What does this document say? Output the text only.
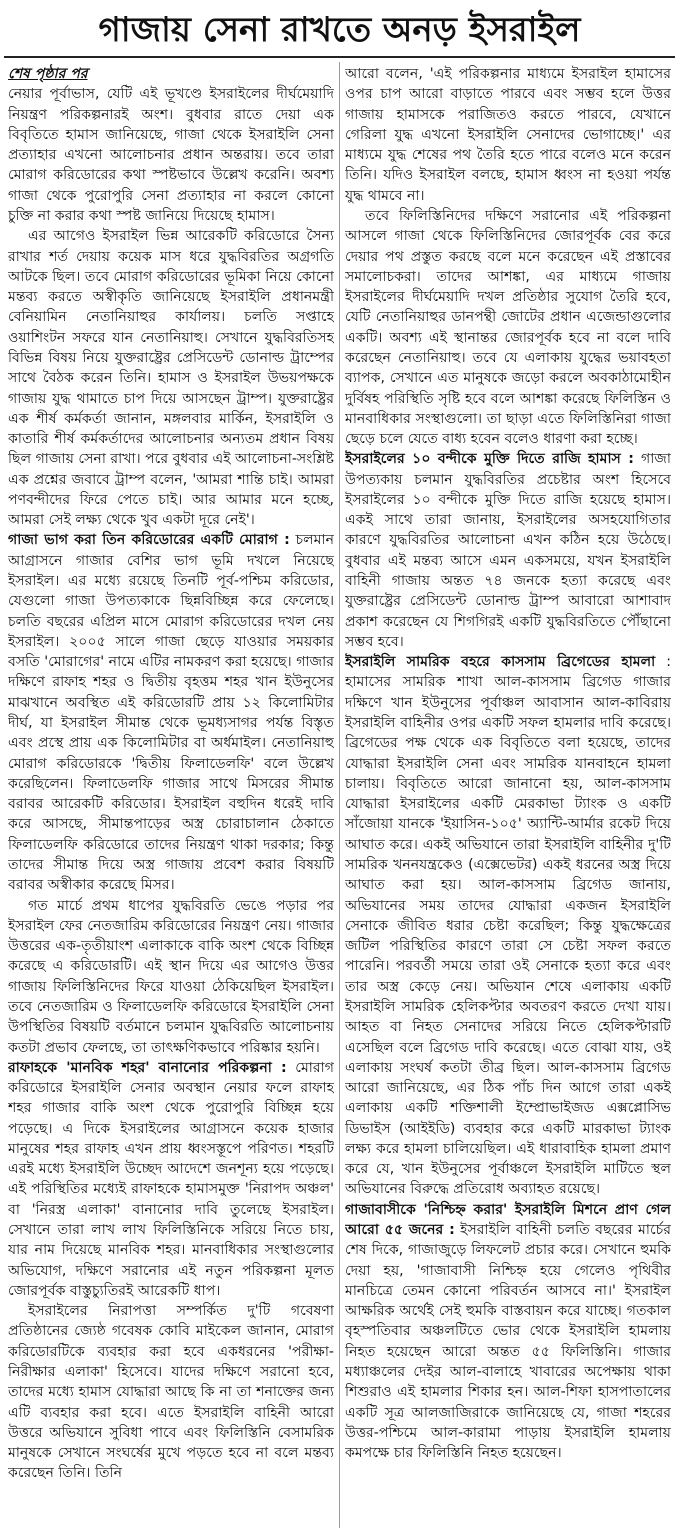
গাজায় সেনা রাখতে অনড় ইসরাইল

শেষ পৃষ্ঠার পর

নেয়ার পূর্বাভাস, যেটি এই ভূখণ্ডে ইসরাইলের দীর্ঘমেয়াদি নিয়ন্ত্রণ পরিকল্পনারই অংশ। বুধবার রাতে দেয়া এক বিবৃতিতে হামাস জানিয়েছে, গাজা থেকে ইসরাইলি সেনা প্রত্যাহার এখনো আলোচনার প্রধান অন্তরায়। তবে তারা মোরাগ করিডোরের কথা স্পষ্টভাবে উল্লেখ করেনি। অবশ্য গাজা থেকে পুরোপুরি সেনা প্রত্যাহার না করলে কোনো চুক্তি না করার কথা স্পষ্ট জানিয়ে দিয়েছে হামাস।

এর আগেও ইসরাইল ভিন্ন আরেকটি করিডোরে সৈন্য রাখার শর্ত দেয়ায় কয়েক মাস ধরে যুদ্ধবিরতির অগ্রগতি আটকে ছিল। তবে মোরাগ করিডোরের ভূমিকা নিয়ে কোনো মন্তব্য করতে অস্বীকৃতি জানিয়েছে ইসরাইলি প্রধানমন্ত্রী বেনিয়ামিন নেতানিয়াহুর কার্যালয়। চলতি সপ্তাহে ওয়াশিংটন সফরে যান নেতানিয়াহু। সেখানে যুদ্ধবিরতিসহ বিভিন্ন বিষয় নিয়ে যুক্তরাষ্ট্রের প্রেসিডেন্ট ডোনাল্ড ট্রাম্পের সাথে বৈঠক করেন তিনি। হামাস ও ইসরাইল উভয়পক্ষকে গাজায় যুদ্ধ থামাতে চাপ দিয়ে আসছেন ট্রাম্প। যুক্তরাষ্ট্রের এক শীর্ষ কর্মকর্তা জানান, মঙ্গলবার মার্কিন, ইসরাইলি ও কাতারি শীর্ষ কর্মকর্তাদের আলোচনার অন্যতম প্রধান বিষয় ছিল গাজায় সেনা রাখা। পরে বুধবার এই আলোচনা-সংশ্লিষ্ট এক প্রশ্নের জবাবে ট্রাম্প বলেন, 'আমরা শান্তি চাই। আমরা পণবন্দীদের ফিরে পেতে চাই। আর আমার মনে হচ্ছে, আমরা সেই লক্ষ্য থেকে খুব একটা দূরে নেই'।

গাজা ভাগ করা তিন করিডোরের একটি মোরাগ : চলমান আগ্রাসনে গাজার বেশির ভাগ ভূমি দখলে নিয়েছে ইসরাইল। এর মধ্যে রয়েছে তিনটি পূর্ব-পশ্চিম করিডোর, যেগুলো গাজা উপত্যকাকে ছিন্নবিচ্ছিন্ন করে ফেলেছে। চলতি বছরের এপ্রিল মাসে মোরাগ করিডোরের দখল নেয় ইসরাইল। ২০০৫ সালে গাজা ছেড়ে যাওয়ার সময়কার বসতি 'মোরাগের' নামে এটির নামকরণ করা হয়েছে। গাজার দক্ষিণে রাফাহ শহর ও দ্বিতীয় বৃহত্তম শহর খান ইউনুসের মাঝখানে অবস্থিত এই করিডোরটি প্রায় ১২ কিলোমিটার দীর্ঘ, যা ইসরাইল সীমান্ত থেকে ভূমধ্যসাগর পর্যন্ত বিস্তৃত এবং প্রস্থে প্রায় এক কিলোমিটার বা অর্ধমাইল। নেতানিয়াহু মোরাগ করিডোরকে 'দ্বিতীয় ফিলাডেলফি' বলে উল্লেখ করেছিলেন। ফিলাডেলফি গাজার সাথে মিসরের সীমান্ত বরাবর আরেকটি করিডোর। ইসরাইল বহুদিন ধরেই দাবি করে আসছে, সীমান্তপাড়ের অস্ত্র চোরাচালান ঠেকাতে ফিলাডেলফি করিডোরে তাদের নিয়ন্ত্রণ থাকা দরকার; কিন্তু তাদের সীমান্ত দিয়ে অস্ত্র গাজায় প্রবেশ করার বিষয়টি বরাবর অস্বীকার করেছে মিসর।

গত মার্চে প্রথম ধাপের যুদ্ধবিরতি ভেঙে পড়ার পর ইসরাইল ফের নেতজারিম করিডোরের নিয়ন্ত্রণ নেয়। গাজার উত্তরের এক-তৃতীয়াংশ এলাকাকে বাকি অংশ থেকে বিচ্ছিন্ন করেছে এ করিডোরটি। এই স্থান দিয়ে এর আগেও উত্তর গাজায় ফিলিস্তিনিদের ফিরে যাওয়া ঠেকিয়েছিল ইসরাইল। তবে নেতজারিম ও ফিলাডেলফি করিডোরে ইসরাইলি সেনা উপস্থিতির বিষয়টি বর্তমানে চলমান যুদ্ধবিরতি আলোচনায় কতটা প্রভাব ফেলছে, তা তাৎক্ষণিকভাবে পরিষ্কার হয়নি।

রাফাহকে 'মানবিক শহর' বানানোর পরিকল্পনা : মোরাগ করিডোরে ইসরাইলি সেনার অবস্থান নেয়ার ফলে রাফাহ শহর গাজার বাকি অংশ থেকে পুরোপুরি বিচ্ছিন্ন হয়ে পড়েছে। এ দিকে ইসরাইলের আগ্রাসনে কয়েক হাজার মানুষের শহর রাফাহ এখন প্রায় ধ্বংসস্তূপে পরিণত। শহরটি এরই মধ্যে ইসরাইলি উচ্ছেদ আদেশে জনশূন্য হয়ে পড়েছে। এই পরিস্থিতির মধ্যেই রাফাহকে হামাসমুক্ত 'নিরাপদ অঞ্চল' বা 'নিরস্ত্র এলাকা' বানানোর দাবি তুলেছে ইসরাইল। সেখানে তারা লাখ লাখ ফিলিস্তিনিকে সরিয়ে নিতে চায়, যার নাম দিয়েছে মানবিক শহর। মানবাধিকার সংস্থাগুলোর অভিযোগ, দক্ষিণে সরানোর এই নতুন পরিকল্পনা মূলত জোরপূর্বক বাস্তুচ্যুতিরই আরেকটি ধাপ।

ইসরাইলের নিরাপত্তা সম্পর্কিত দু'টি গবেষণা প্রতিষ্ঠানের জ্যেষ্ঠ গবেষক কোবি মাইকেল জানান, মোরাগ করিডোরটিকে ব্যবহার করা হবে একধরনের 'পরীক্ষা-নিরীক্ষার এলাকা' হিসেবে। যাদের দক্ষিণে সরানো হবে, তাদের মধ্যে হামাস যোদ্ধারা আছে কি না তা শনাক্তের জন্য এটি ব্যবহার করা হবে। এতে ইসরাইলি বাহিনী আরো উত্তরে অভিযানে সুবিধা পাবে এবং ফিলিস্তিনি বেসামরিক মানুষকে সেখানে সংঘর্ষের মুখে পড়তে হবে না বলে মন্তব্য করেছেন তিনি। তিনি

আরো বলেন, 'এই পরিকল্পনার মাধ্যমে ইসরাইল হামাসের ওপর চাপ আরো বাড়াতে পারবে এবং সম্ভব হলে উত্তর গাজায় হামাসকে পরাজিতও করতে পারবে, যেখানে গেরিলা যুদ্ধ এখনো ইসরাইলি সেনাদের ভোগাচ্ছে।' এর মাধ্যমে যুদ্ধ শেষের পথ তৈরি হতে পারে বলেও মনে করেন তিনি। যদিও ইসরাইল বলছে, হামাস ধ্বংস না হওয়া পর্যন্ত যুদ্ধ থামবে না।

তবে ফিলিস্তিনিদের দক্ষিণে সরানোর এই পরিকল্পনা আসলে গাজা থেকে ফিলিস্তিনিদের জোরপূর্বক বের করে দেয়ার পথ প্রস্তুত করছে বলে মনে করেছেন এই প্রস্তাবের সমালোচকরা। তাদের আশঙ্কা, এর মাধ্যমে গাজায় ইসরাইলের দীর্ঘমেয়াদি দখল প্রতিষ্ঠার সুযোগ তৈরি হবে, যেটি নেতানিয়াহুর ডানপন্থী জোটের প্রধান এজেন্ডাগুলোর একটি। অবশ্য এই স্থানান্তর জোরপূর্বক হবে না বলে দাবি করেছেন নেতানিয়াহু। তবে যে এলাকায় যুদ্ধের ভয়াবহতা ব্যাপক, সেখানে এত মানুষকে জড়ো করলে অবকাঠামোহীন দুর্বিষহ পরিস্থিতি সৃষ্টি হবে বলে আশঙ্কা করেছে ফিলিস্তিন ও মানবাধিকার সংস্থাগুলো। তা ছাড়া এতে ফিলিস্তিনিরা গাজা ছেড়ে চলে যেতে বাধ্য হবেন বলেও ধারণা করা হচ্ছে।

ইসরাইলের ১০ বন্দীকে মুক্তি দিতে রাজি হামাস : গাজা উপত্যকায় চলমান যুদ্ধবিরতির প্রচেষ্টার অংশ হিসেবে ইসরাইলের ১০ বন্দীকে মুক্তি দিতে রাজি হয়েছে হামাস। একই সাথে তারা জানায়, ইসরাইলের অসহযোগিতার কারণে যুদ্ধবিরতির আলোচনা এখন কঠিন হয়ে উঠেছে। বুধবার এই মন্তব্য আসে এমন একসময়ে, যখন ইসরাইলি বাহিনী গাজায় অন্তত ৭৪ জনকে হত্যা করেছে এবং যুক্তরাষ্ট্রের প্রেসিডেন্ট ডোনাল্ড ট্রাম্প আবারো আশাবাদ প্রকাশ করেছেন যে শিগগিরই একটি যুদ্ধবিরতিতে পৌঁছানো সম্ভব হবে।

ইসরাইলি সামরিক বহরে কাসসাম ব্রিগেডের হামলা : হামাসের সামরিক শাখা আল-কাসসাম ব্রিগেড গাজার দক্ষিণে খান ইউনুসের পূর্বাঞ্চল আবাসান আল-কাবিরায় ইসরাইলি বাহিনীর ওপর একটি সফল হামলার দাবি করেছে। ব্রিগেডের পক্ষ থেকে এক বিবৃতিতে বলা হয়েছে, তাদের যোদ্ধারা ইসরাইলি সেনা এবং সামরিক যানবাহনে হামলা চালায়। বিবৃতিতে আরো জানানো হয়, আল-কাসসাম যোদ্ধারা ইসরাইলের একটি মেরকাভা ট্যাংক ও একটি সাঁজোয়া যানকে 'ইয়াসিন-১০৫' অ্যান্টি-আর্মার রকেট দিয়ে আঘাত করে। একই অভিযানে তারা ইসরাইলি বাহিনীর দু'টি সামরিক খননযন্ত্রকেও (এক্সেভেটর) একই ধরনের অস্ত্র দিয়ে আঘাত করা হয়। আল-কাসসাম ব্রিগেড জানায়, অভিযানের সময় তাদের যোদ্ধারা একজন ইসরাইলি সেনাকে জীবিত ধরার চেষ্টা করেছিল; কিন্তু যুদ্ধক্ষেত্রের জটিল পরিস্থিতির কারণে তারা সে চেষ্টা সফল করতে পারেনি। পরবর্তী সময়ে তারা ওই সেনাকে হত্যা করে এবং তার অস্ত্র কেড়ে নেয়। অভিযান শেষে এলাকায় একটি ইসরাইলি সামরিক হেলিকপ্টার অবতরণ করতে দেখা যায়। আহত বা নিহত সেনাদের সরিয়ে নিতে হেলিকপ্টারটি এসেছিল বলে ব্রিগেড দাবি করেছে। এতে বোঝা যায়, ওই এলাকায় সংঘর্ষ কতটা তীব্র ছিল। আল-কাসসাম ব্রিগেড আরো জানিয়েছে, এর ঠিক পাঁচ দিন আগে তারা একই এলাকায় একটি শক্তিশালী ইম্প্রোভাইজড এক্সপ্লোসিভ ডিভাইস (আইইডি) ব্যবহার করে একটি মারকাভা ট্যাংক লক্ষ্য করে হামলা চালিয়েছিল। এই ধারাবাহিক হামলা প্রমাণ করে যে, খান ইউনুসের পূর্বাঞ্চলে ইসরাইলি মাটিতে স্থল অভিযানের বিরুদ্ধে প্রতিরোধ অব্যাহত রয়েছে।

গাজাবাসীকে 'নিশ্চিহ্ন করার' ইসরাইলি মিশনে প্রাণ গেল আরো ৫৫ জনের : ইসরাইলি বাহিনী চলতি বছরের মার্চের শেষ দিকে, গাজাজুড়ে লিফলেট প্রচার করে। সেখানে হুমকি দেয়া হয়, 'গাজাবাসী নিশ্চিহ্ন হয়ে গেলেও পৃথিবীর মানচিত্রে তেমন কোনো পরিবর্তন আসবে না।' ইসরাইল আক্ষরিক অর্থেই সেই হুমকি বাস্তবায়ন করে যাচ্ছে। গতকাল বৃহস্পতিবার অঞ্চলটিতে ভোর থেকে ইসরাইলি হামলায় নিহত হয়েছেন আরো অন্তত ৫৫ ফিলিস্তিনি। গাজার মধ্যাঞ্চলের দেইর আল-বালাহে খাবারের অপেক্ষায় থাকা শিশুরাও এই হামলার শিকার হন। আল-শিফা হাসপাতালের একটি সূত্র আলজাজিরাকে জানিয়েছে যে, গাজা শহরের উত্তর-পশ্চিমে আল-কারামা পাড়ায় ইসরাইলি হামলায় কমপক্ষে চার ফিলিস্তিনি নিহত হয়েছেন।
